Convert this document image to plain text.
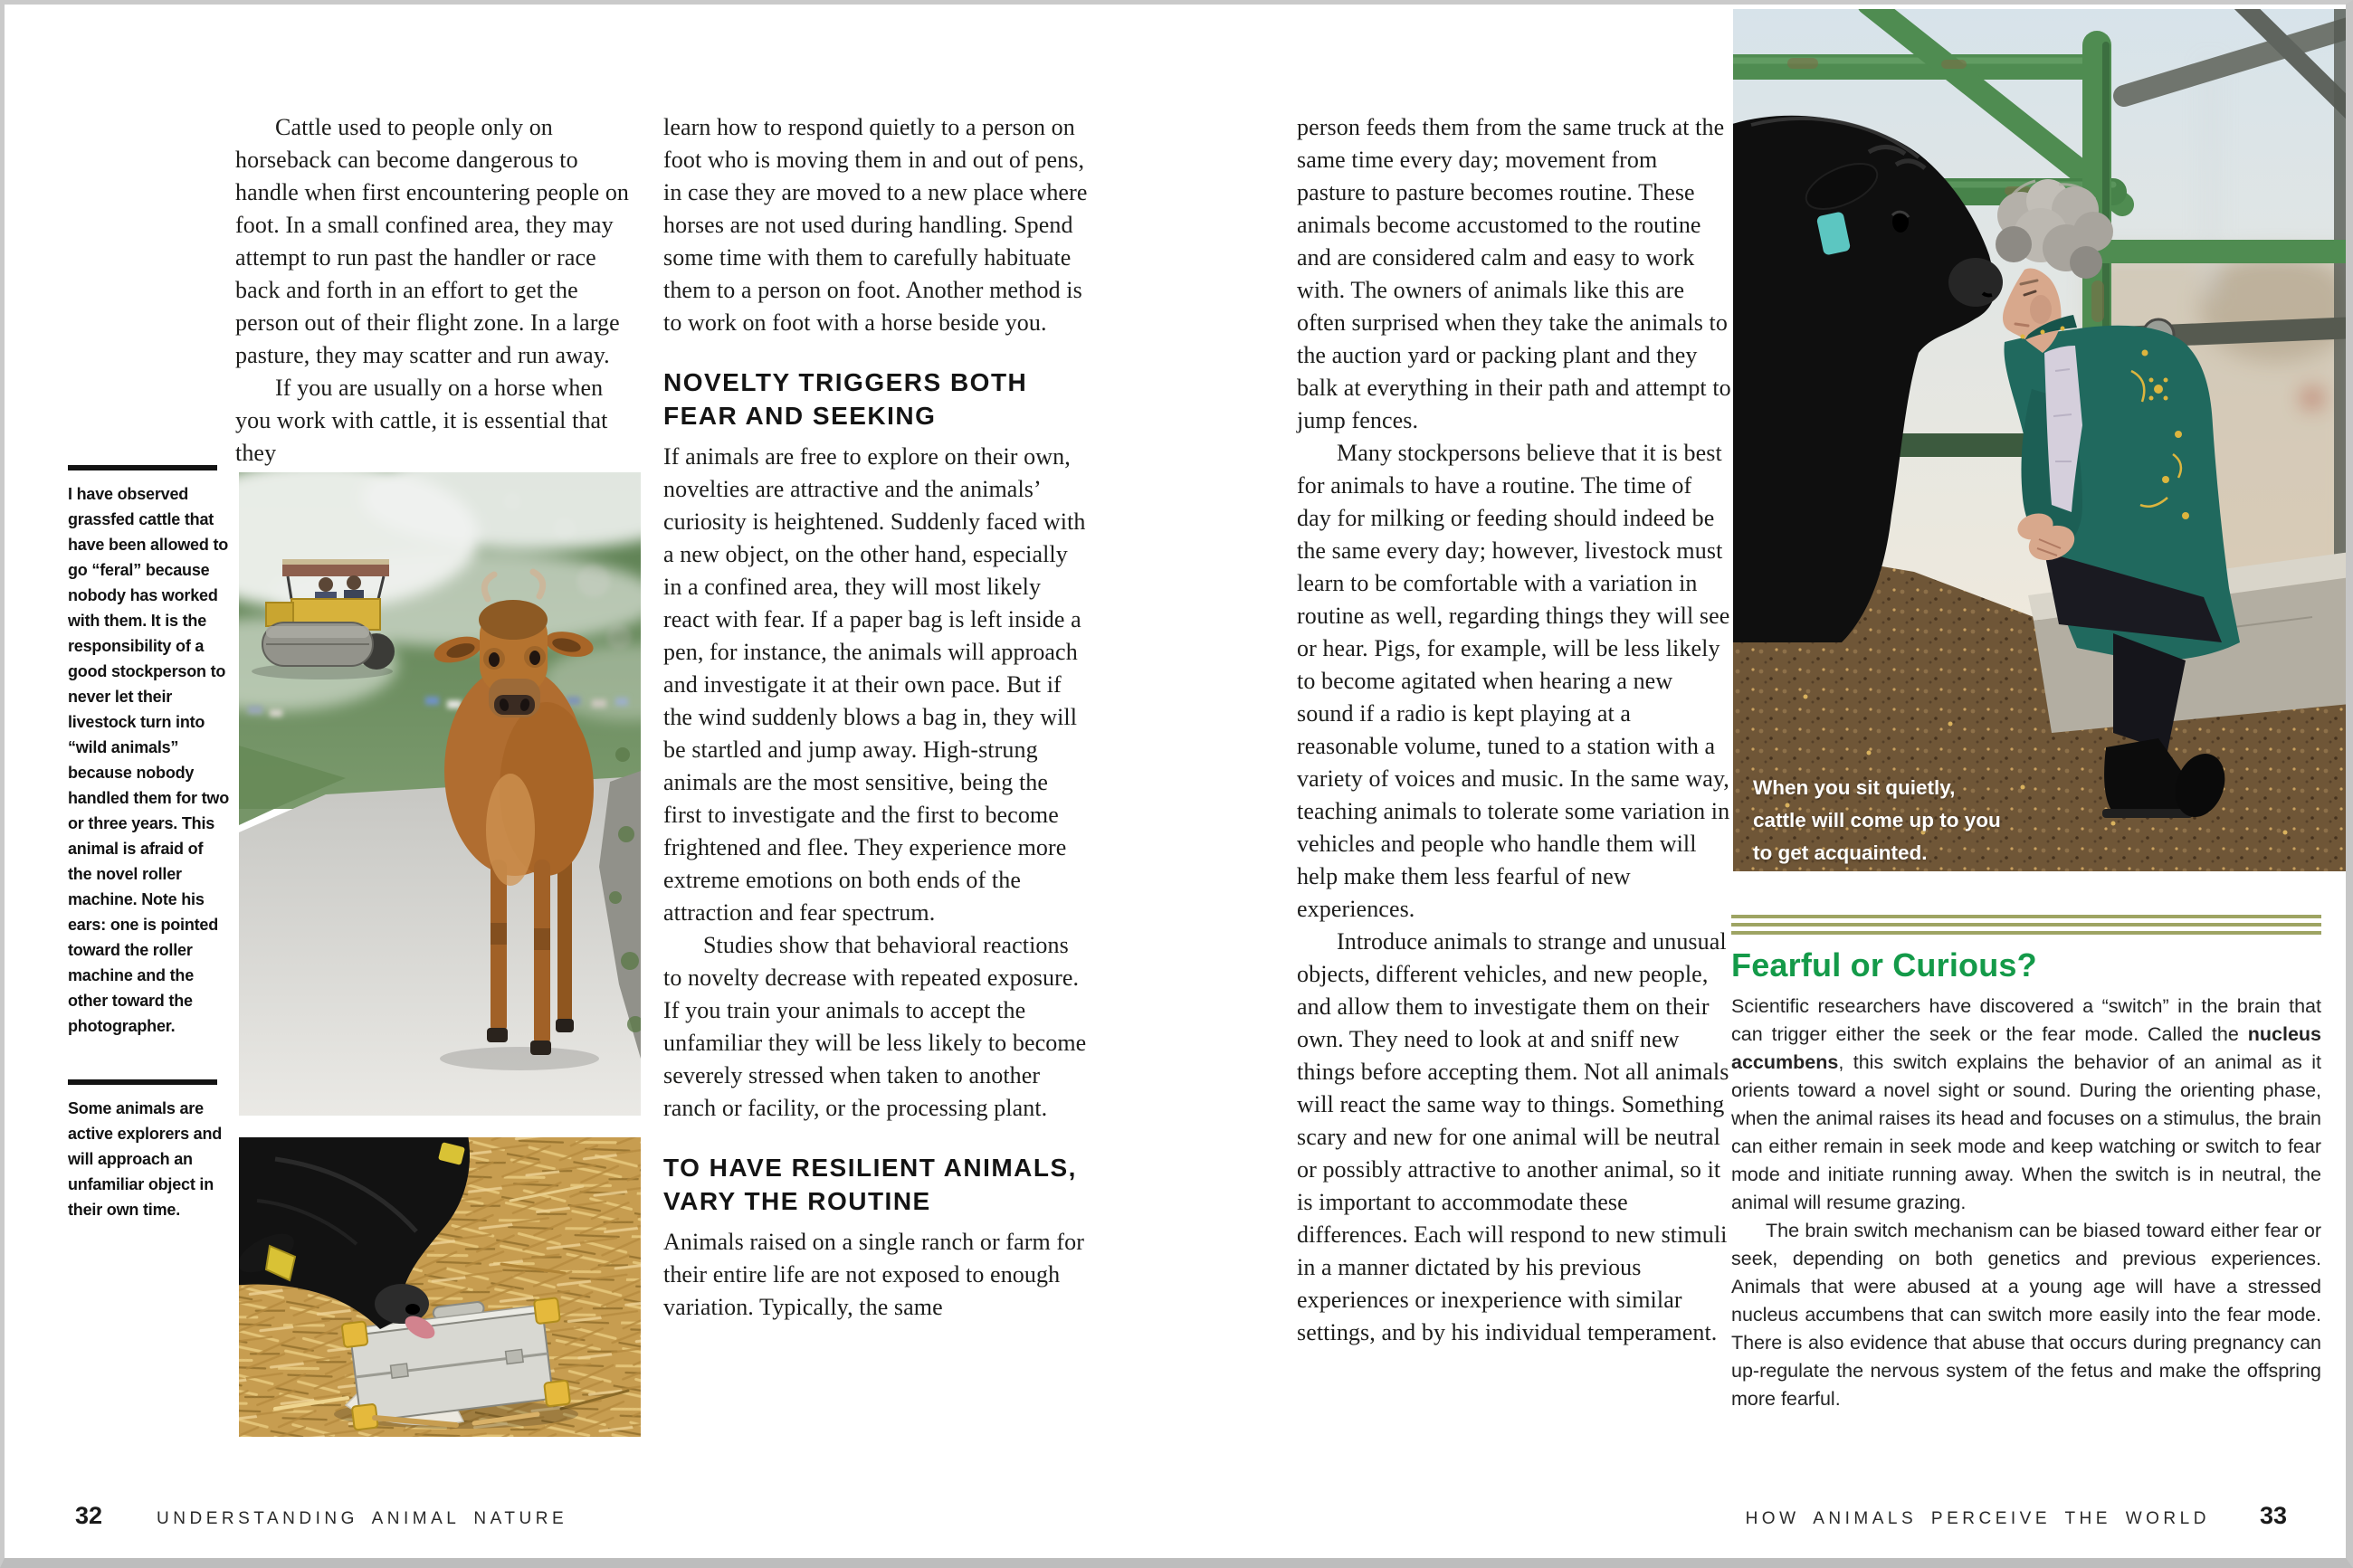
I have observed grassfed cattle that have been allowed to go “feral” because nobody has worked with them. It is the responsibility of a good stockperson to never let their livestock turn into “wild animals” because nobody handled them for two or three years. This animal is afraid of the novel roller machine. Note his ears: one is pointed toward the roller machine and the other toward the photographer.
Some animals are active explorers and will approach an unfamiliar object in their own time.

Cattle used to people only on horseback can become dangerous to handle when first encountering people on foot. In a small confined area, they may attempt to run past the handler or race back and forth in an effort to get the person out of their flight zone. In a large pasture, they may scatter and run away.

If you are usually on a horse when you work with cattle, it is essential that they

learn how to respond quietly to a person on foot who is moving them in and out of pens, in case they are moved to a new place where horses are not used during handling. Spend some time with them to carefully habituate them to a person on foot. Another method is to work on foot with a horse beside you.

NOVELTY TRIGGERS BOTH
FEAR AND SEEKING

If animals are free to explore on their own, novelties are attractive and the animals’ curiosity is heightened. Suddenly faced with a new object, on the other hand, especially in a confined area, they will most likely react with fear. If a paper bag is left inside a pen, for instance, the animals will approach and investigate it at their own pace. But if the wind suddenly blows a bag in, they will be startled and jump away. High-strung animals are the most sensitive, being the first to investigate and the first to become frightened and flee. They experience more extreme emotions on both ends of the attraction and fear spectrum.

Studies show that behavioral reactions to novelty decrease with repeated exposure. If you train your animals to accept the unfamiliar they will be less likely to become severely stressed when taken to another ranch or facility, or the processing plant.

TO HAVE RESILIENT ANIMALS,
VARY THE ROUTINE

Animals raised on a single ranch or farm for their entire life are not exposed to enough variation. Typically, the same

person feeds them from the same truck at the same time every day; movement from pasture to pasture becomes routine. These animals become accustomed to the routine and are considered calm and easy to work with. The owners of animals like this are often surprised when they take the animals to the auction yard or packing plant and they balk at everything in their path and attempt to jump fences.

Many stockpersons believe that it is best for animals to have a routine. The time of day for milking or feeding should indeed be the same every day; however, livestock must learn to be comfortable with a variation in routine as well, regarding things they will see or hear. Pigs, for example, will be less likely to become agitated when hearing a new sound if a radio is kept playing at a reasonable volume, tuned to a station with a variety of voices and music. In the same way, teaching animals to tolerate some variation in vehicles and people who handle them will help make them less fearful of new experiences.

Introduce animals to strange and unusual objects, different vehicles, and new people, and allow them to investigate them on their own. They need to look at and sniff new things before accepting them. Not all animals will react the same way to things. Something scary and new for one animal will be neutral or possibly attractive to another animal, so it is important to accommodate these differences. Each will respond to new stimuli in a manner dictated by his previous experiences or inexperience with similar settings, and by his individual temperament.

When you sit quietly, cattle will come up to you to get acquainted.
Fearful or Curious?

Scientific researchers have discovered a “switch” in the brain that can trigger either the seek or the fear mode. Called the nucleus accumbens, this switch explains the behavior of an animal as it orients toward a novel sight or sound. During the orienting phase, when the animal raises its head and focuses on a stimulus, the brain can either remain in seek mode and keep watching or switch to fear mode and initiate running away. When the switch is in neutral, the animal will resume grazing.

The brain switch mechanism can be biased toward either fear or seek, depending on both genetics and previous experiences. Animals that were abused at a young age will have a stressed nucleus accumbens that can switch more easily into the fear mode. There is also evidence that abuse that occurs during pregnancy can up-regulate the nervous system of the fetus and make the offspring more fearful.

32	UNDERSTANDING ANIMAL NATURE	HOW ANIMALS PERCEIVE THE WORLD 33
